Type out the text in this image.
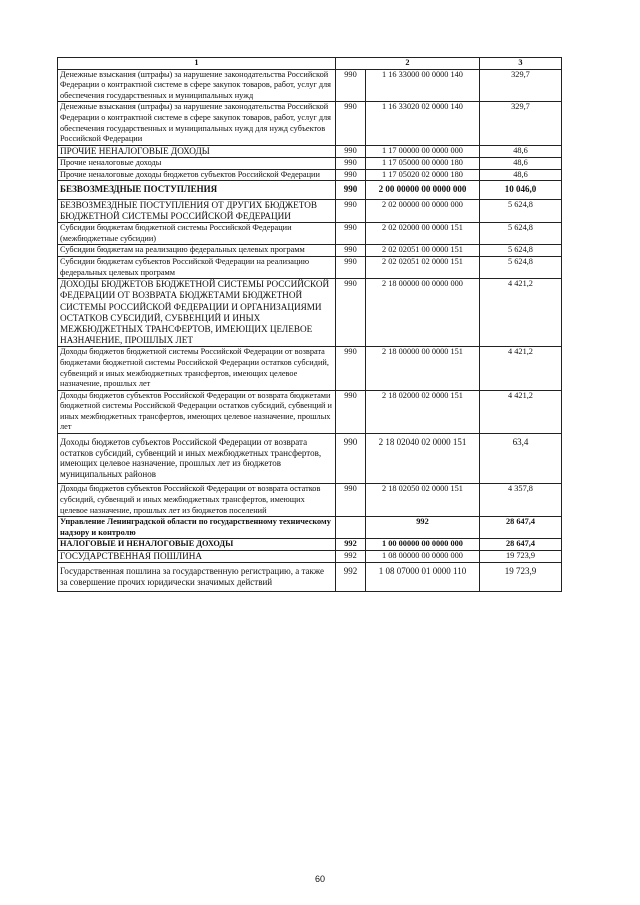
1	2		3
Денежные взыскания (штрафы) за нарушение законодательства Российской Федерации о контрактной системе в сфере закупок товаров, работ, услуг для обеспечения государственных и муниципальных нужд	990	1 16 33000 00 0000 140	329,7
Денежные взыскания (штрафы) за нарушение законодательства Российской Федерации о контрактной системе в сфере закупок товаров, работ, услуг для обеспечения государственных и муниципальных нужд для нужд субъектов Российской Федерации	990	1 16 33020 02 0000 140	329,7
ПРОЧИЕ НЕНАЛОГОВЫЕ ДОХОДЫ	990	1 17 00000 00 0000 000	48,6
Прочие неналоговые доходы	990	1 17 05000 00 0000 180	48,6
Прочие неналоговые доходы бюджетов субъектов Российской Федерации	990	1 17 05020 02 0000 180	48,6
БЕЗВОЗМЕЗДНЫЕ ПОСТУПЛЕНИЯ	990	2 00 00000 00 0000 000	10 046,0
БЕЗВОЗМЕЗДНЫЕ ПОСТУПЛЕНИЯ ОТ ДРУГИХ БЮДЖЕТОВ БЮДЖЕТНОЙ СИСТЕМЫ РОССИЙСКОЙ ФЕДЕРАЦИИ	990	2 02 00000 00 0000 000	5 624,8
Субсидии бюджетам бюджетной системы Российской Федерации (межбюджетные субсидии)	990	2 02 02000 00 0000 151	5 624,8
Субсидии бюджетам на реализацию федеральных целевых программ	990	2 02 02051 00 0000 151	5 624,8
Субсидии бюджетам субъектов Российской Федерации на реализацию федеральных целевых программ	990	2 02 02051 02 0000 151	5 624,8
ДОХОДЫ БЮДЖЕТОВ БЮДЖЕТНОЙ СИСТЕМЫ РОССИЙСКОЙ ФЕДЕРАЦИИ ОТ ВОЗВРАТА БЮДЖЕТАМИ БЮДЖЕТНОЙ СИСТЕМЫ РОССИЙСКОЙ ФЕДЕРАЦИИ И ОРГАНИЗАЦИЯМИ ОСТАТКОВ СУБСИДИЙ, СУБВЕНЦИЙ И ИНЫХ МЕЖБЮДЖЕТНЫХ ТРАНСФЕРТОВ, ИМЕЮЩИХ ЦЕЛЕВОЕ НАЗНАЧЕНИЕ, ПРОШЛЫХ ЛЕТ	990	2 18 00000 00 0000 000	4 421,2
Доходы бюджетов бюджетной системы Российской Федерации от возврата бюджетами бюджетной системы Российской Федерации остатков субсидий, субвенций и иных межбюджетных трансфертов, имеющих целевое назначение, прошлых лет	990	2 18 00000 00 0000 151	4 421,2
Доходы бюджетов субъектов Российской Федерации от возврата бюджетами бюджетной системы Российской Федерации остатков субсидий, субвенций и иных межбюджетных трансфертов, имеющих целевое назначение, прошлых лет	990	2 18 02000 02 0000 151	4 421,2
Доходы бюджетов субъектов Российской Федерации от возврата остатков субсидий, субвенций и иных межбюджетных трансфертов, имеющих целевое назначение, прошлых лет из бюджетов муниципальных районов	990	2 18 02040 02 0000 151	63,4
Доходы бюджетов субъектов Российской Федерации от возврата остатков субсидий, субвенций и иных межбюджетных трансфертов, имеющих целевое назначение, прошлых лет из бюджетов поселений	990	2 18 02050 02 0000 151	4 357,8
Управление Ленинградской области по государственному техническому надзору и контролю		992	28 647,4
НАЛОГОВЫЕ И НЕНАЛОГОВЫЕ ДОХОДЫ	992	1 00 00000 00 0000 000	28 647,4
ГОСУДАРСТВЕННАЯ ПОШЛИНА	992	1 08 00000 00 0000 000	19 723,9
Государственная пошлина за государственную регистрацию, а также за совершение прочих юридически значимых действий	992	1 08 07000 01 0000 110	19 723,9
60
